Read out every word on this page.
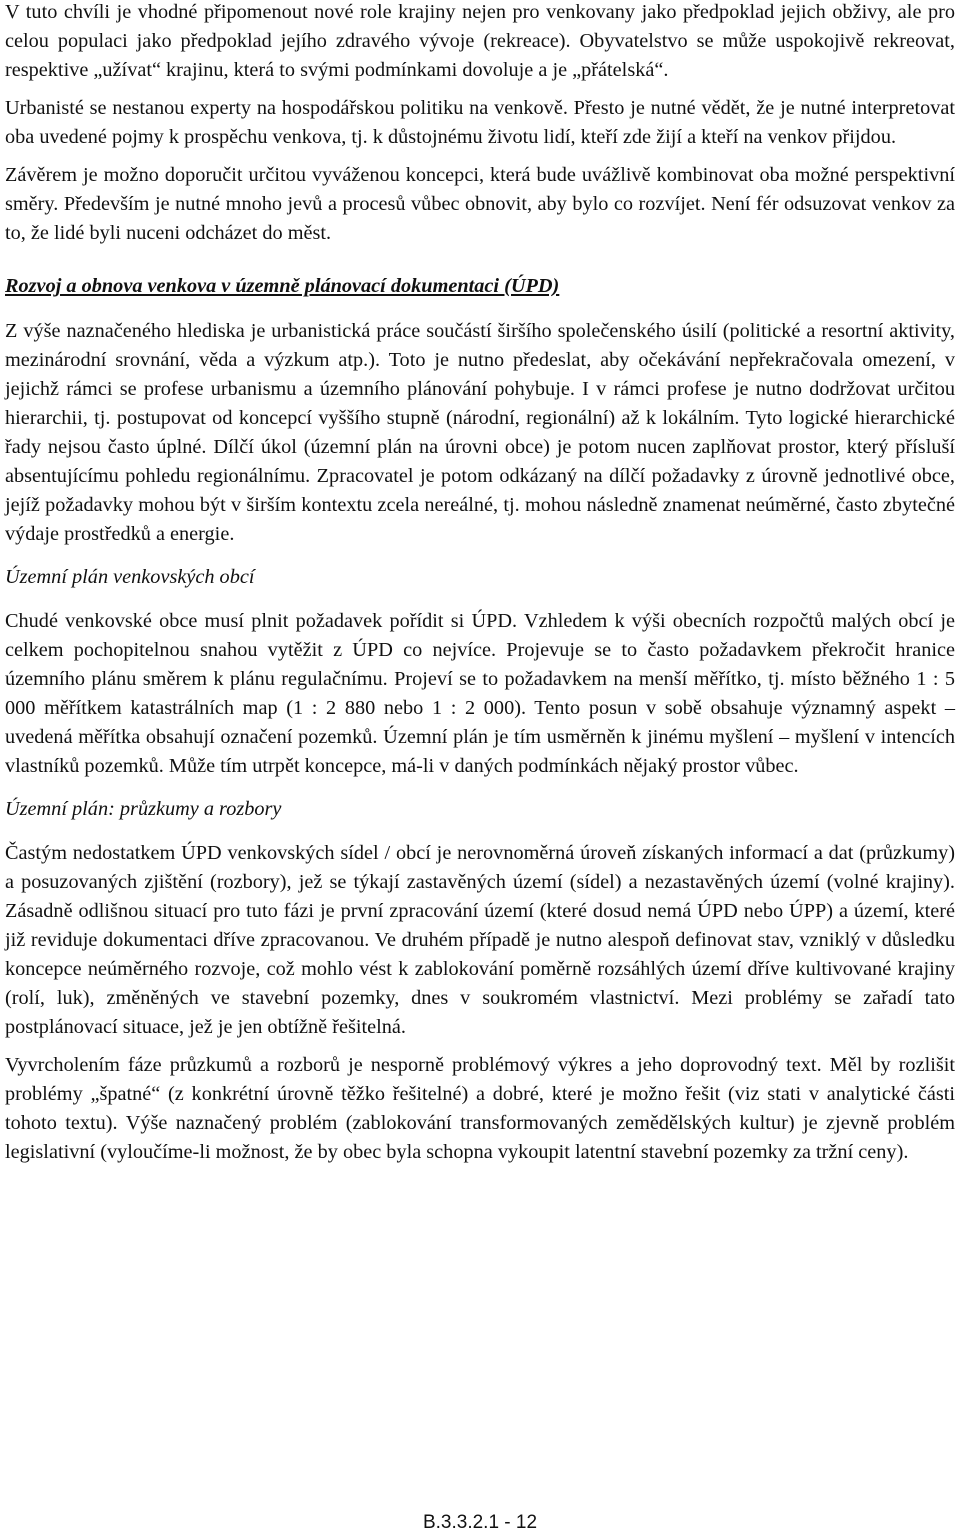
V tuto chvíli je vhodné připomenout nové role krajiny nejen pro venkovany jako předpoklad jejich obživy, ale pro celou populaci jako předpoklad jejího zdravého vývoje (rekreace). Obyvatelstvo se může uspokojivě rekreovat, respektive „užívat“ krajinu, která to svými podmínkami dovoluje a je „přátelská“.

Urbanisté se nestanou experty na hospodářskou politiku na venkově. Přesto je nutné vědět, že je nutné interpretovat oba uvedené pojmy k prospěchu venkova, tj. k důstojnému životu lidí, kteří zde žijí a kteří na venkov přijdou.

Závěrem je možno doporučit určitou vyváženou koncepci, která bude uvážlivě kombinovat oba možné perspektivní směry. Především je nutné mnoho jevů a procesů vůbec obnovit, aby bylo co rozvíjet. Není fér odsuzovat venkov za to, že lidé byli nuceni odcházet do měst.

Rozvoj a obnova venkova v územně plánovací dokumentaci (ÚPD)

Z výše naznačeného hlediska je urbanistická práce součástí širšího společenského úsilí (politické a resortní aktivity, mezinárodní srovnání, věda a výzkum atp.). Toto je nutno předeslat, aby očekávání nepřekračovala omezení, v jejichž rámci se profese urbanismu a územního plánování pohybuje. I v rámci profese je nutno dodržovat určitou hierarchii, tj. postupovat od koncepcí vyššího stupně (národní, regionální) až k lokálním. Tyto logické hierarchické řady nejsou často úplné. Dílčí úkol (územní plán na úrovni obce) je potom nucen zaplňovat prostor, který přísluší absentujícímu pohledu regionálnímu. Zpracovatel je potom odkázaný na dílčí požadavky z úrovně jednotlivé obce, jejíž požadavky mohou být v širším kontextu zcela nereálné, tj. mohou následně znamenat neúměrné, často zbytečné výdaje prostředků a energie.

Územní plán venkovských obcí

Chudé venkovské obce musí plnit požadavek pořídit si ÚPD. Vzhledem k výši obecních rozpočtů malých obcí je celkem pochopitelnou snahou vytěžit z ÚPD co nejvíce. Projevuje se to často požadavkem překročit hranice územního plánu směrem k plánu regulačnímu. Projeví se to požadavkem na menší měřítko, tj. místo běžného 1 : 5 000 měřítkem katastrálních map (1 : 2 880 nebo 1 : 2 000). Tento posun v sobě obsahuje významný aspekt – uvedená měřítka obsahují označení pozemků. Územní plán je tím usměrněn k jinému myšlení – myšlení v intencích vlastníků pozemků. Může tím utrpět koncepce, má-li v daných podmínkách nějaký prostor vůbec.

Územní plán: průzkumy a rozbory

Častým nedostatkem ÚPD venkovských sídel / obcí je nerovnoměrná úroveň získaných informací a dat (průzkumy) a posuzovaných zjištění (rozbory), jež se týkají zastavěných území (sídel) a nezastavěných území (volné krajiny). Zásadně odlišnou situací pro tuto fázi je první zpracování území (které dosud nemá ÚPD nebo ÚPP) a území, které již reviduje dokumentaci dříve zpracovanou. Ve druhém případě je nutno alespoň definovat stav, vzniklý v důsledku koncepce neúměrného rozvoje, což mohlo vést k zablokování poměrně rozsáhlých území dříve kultivované krajiny (rolí, luk), změněných ve stavební pozemky, dnes v soukromém vlastnictví. Mezi problémy se zařadí tato postplánovací situace, jež je jen obtížně řešitelná.

Vyvrcholením fáze průzkumů a rozborů je nesporně problémový výkres a jeho doprovodný text. Měl by rozlišit problémy „špatné“ (z konkrétní úrovně těžko řešitelné) a dobré, které je možno řešit (viz stati v analytické části tohoto textu). Výše naznačený problém (zablokování transformovaných zemědělských kultur) je zjevně problém legislativní (vyloučíme-li možnost, že by obec byla schopna vykoupit latentní stavební pozemky za tržní ceny).

B.3.3.2.1 - 12
